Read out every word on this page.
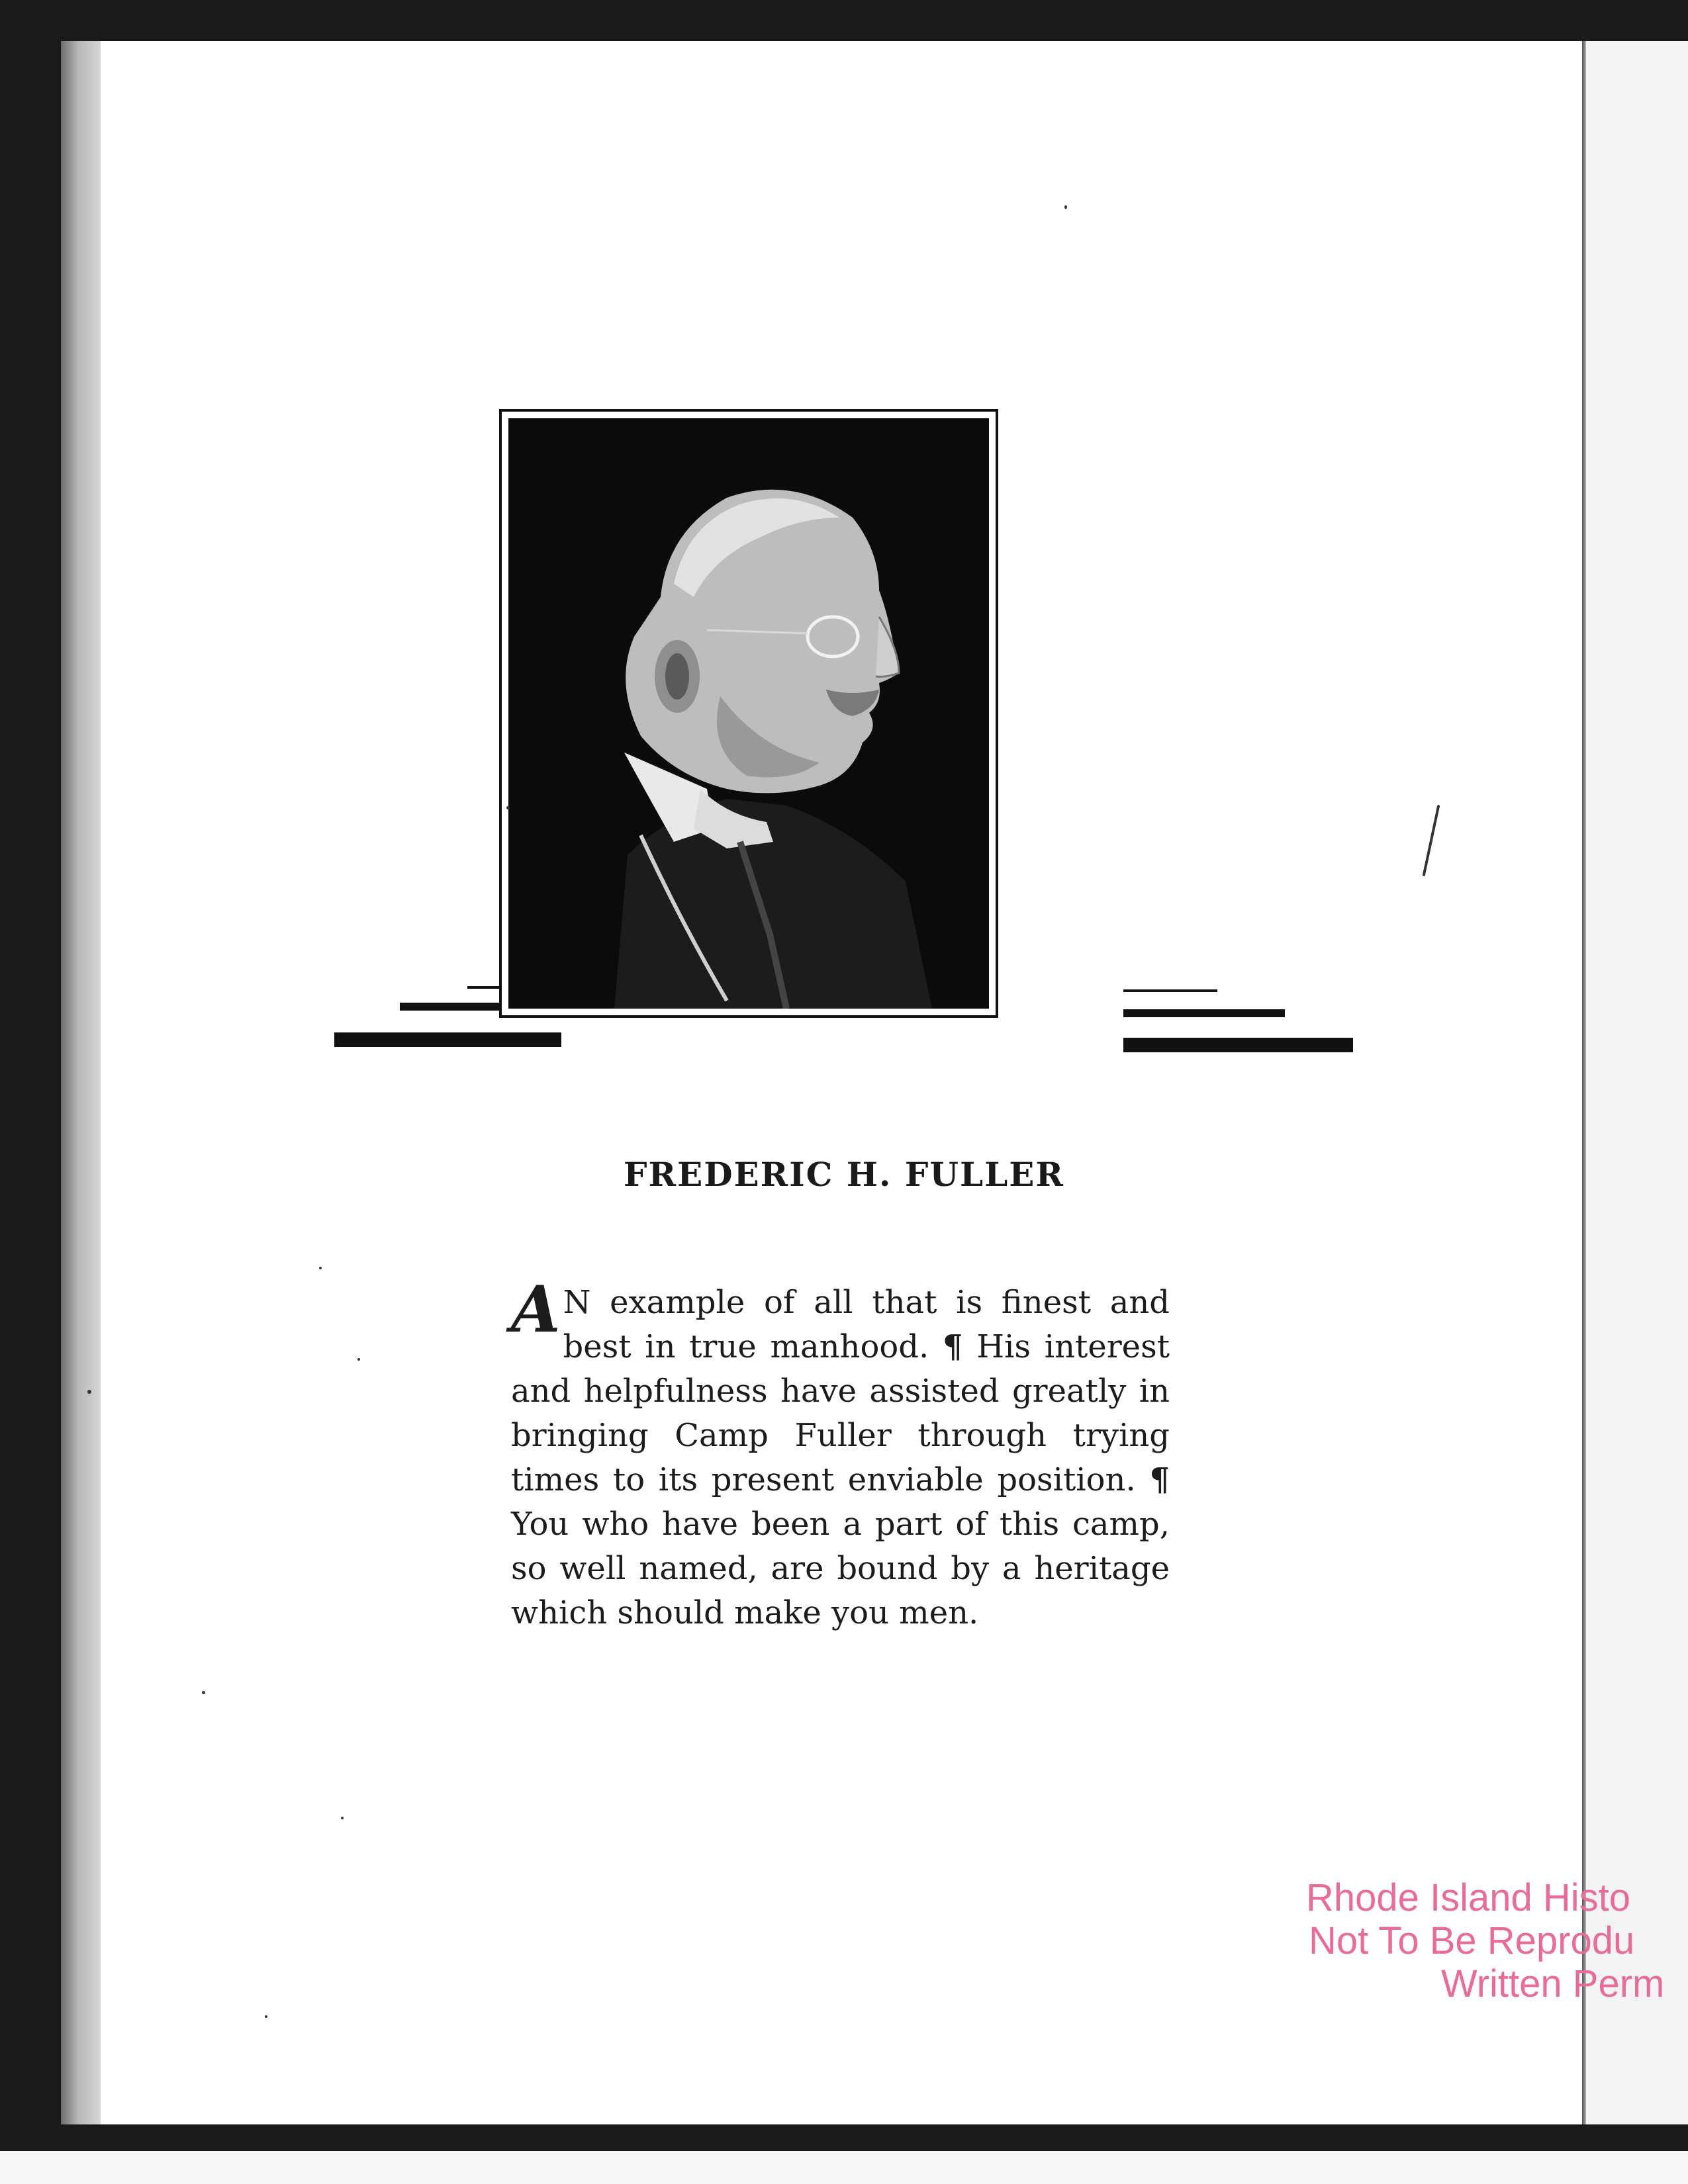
FREDERIC H. FULLER
A N example of all that is finest and best in true manhood. ¶ His interest and helpfulness have assisted greatly in bringing Camp Fuller through trying times to its present enviable position. ¶ You who have been a part of this camp, so well named, are bound by a heritage which should make you men.
Rhode Island Histo
Not To Be Reprodu
Written Perm
